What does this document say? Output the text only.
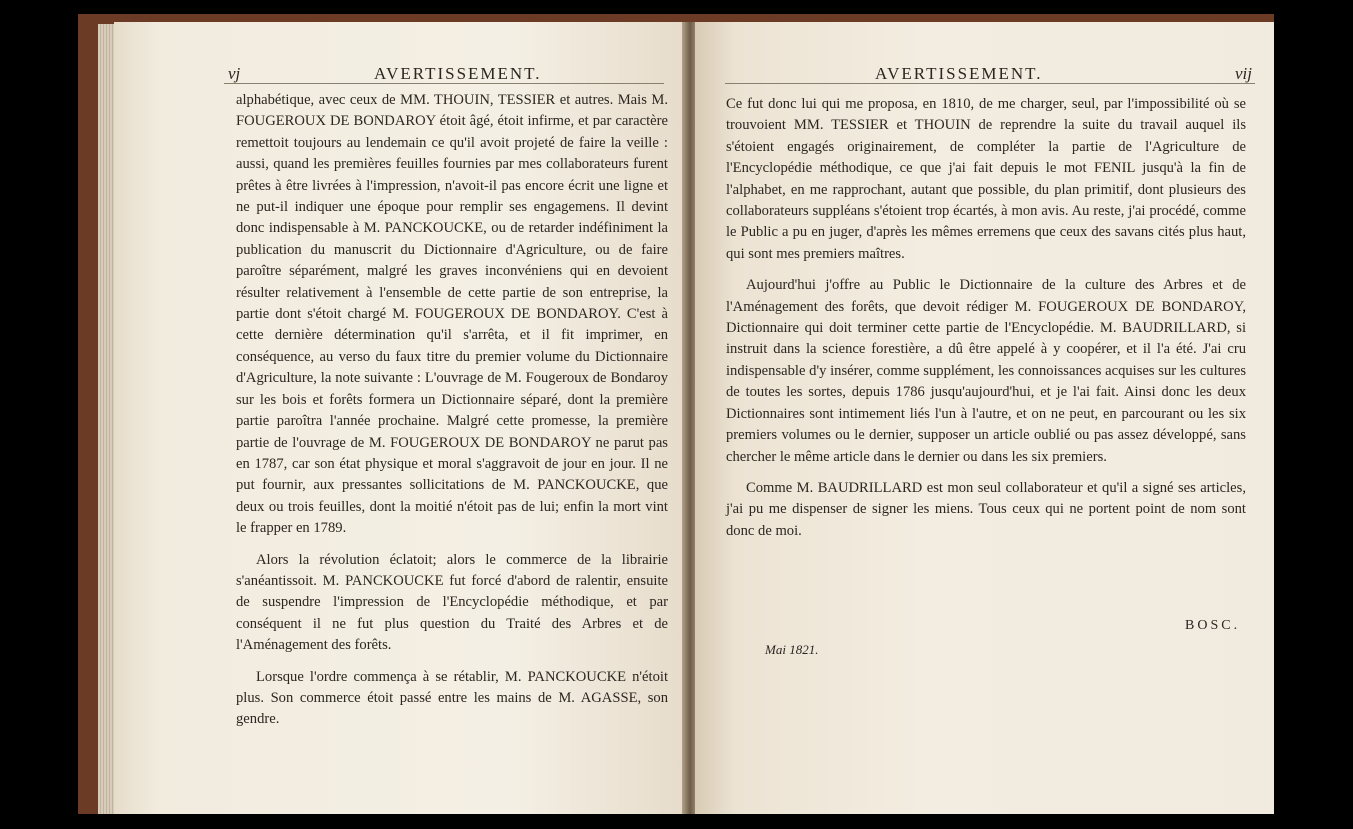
vj	AVERTISSEMENT.

alphabétique, avec ceux de MM. THOUIN, TESSIER et autres. Mais M. FOUGEROUX DE BONDAROY étoit âgé, étoit infirme, et par caractère remettoit toujours au lendemain ce qu'il avoit projeté de faire la veille : aussi, quand les premières feuilles fournies par mes collaborateurs furent prêtes à être livrées à l'impression, n'avoit-il pas encore écrit une ligne et ne put-il indiquer une époque pour remplir ses engagemens. Il devint donc indispensable à M. PANCKOUCKE, ou de retarder indéfiniment la publication du manuscrit du Dictionnaire d'Agriculture, ou de faire paroître séparément, malgré les graves inconvéniens qui en devoient résulter relativement à l'ensemble de cette partie de son entreprise, la partie dont s'étoit chargé M. FOUGEROUX DE BONDAROY. C'est à cette dernière détermination qu'il s'arrêta, et il fit imprimer, en conséquence, au verso du faux titre du premier volume du Dictionnaire d'Agriculture, la note suivante : L'ouvrage de M. Fougeroux de Bondaroy sur les bois et forêts formera un Dictionnaire séparé, dont la première partie paroîtra l'année prochaine. Malgré cette promesse, la première partie de l'ouvrage de M. FOUGEROUX DE BONDAROY ne parut pas en 1787, car son état physique et moral s'aggravoit de jour en jour. Il ne put fournir, aux pressantes sollicitations de M. PANCKOUCKE, que deux ou trois feuilles, dont la moitié n'étoit pas de lui; enfin la mort vint le frapper en 1789.

Alors la révolution éclatoit; alors le commerce de la librairie s'anéantissoit. M. PANCKOUCKE fut forcé d'abord de ralentir, ensuite de suspendre l'impression de l'Encyclopédie méthodique, et par conséquent il ne fut plus question du Traité des Arbres et de l'Aménagement des forêts.

Lorsque l'ordre commença à se rétablir, M. PANCKOUCKE n'étoit plus. Son commerce étoit passé entre les mains de M. AGASSE, son gendre.

AVERTISSEMENT.	vij

Ce fut donc lui qui me proposa, en 1810, de me charger, seul, par l'impossibilité où se trouvoient MM. TESSIER et THOUIN de reprendre la suite du travail auquel ils s'étoient engagés originairement, de compléter la partie de l'Agriculture de l'Encyclopédie méthodique, ce que j'ai fait depuis le mot FENIL jusqu'à la fin de l'alphabet, en me rapprochant, autant que possible, du plan primitif, dont plusieurs des collaborateurs suppléans s'étoient trop écartés, à mon avis. Au reste, j'ai procédé, comme le Public a pu en juger, d'après les mêmes erremens que ceux des savans cités plus haut, qui sont mes premiers maîtres.

Aujourd'hui j'offre au Public le Dictionnaire de la culture des Arbres et de l'Aménagement des forêts, que devoit rédiger M. FOUGEROUX DE BONDAROY, Dictionnaire qui doit terminer cette partie de l'Encyclopédie. M. BAUDRILLARD, si instruit dans la science forestière, a dû être appelé à y coopérer, et il l'a été. J'ai cru indispensable d'y insérer, comme supplément, les connoissances acquises sur les cultures de toutes les sortes, depuis 1786 jusqu'aujourd'hui, et je l'ai fait. Ainsi donc les deux Dictionnaires sont intimement liés l'un à l'autre, et on ne peut, en parcourant ou les six premiers volumes ou le dernier, supposer un article oublié ou pas assez développé, sans chercher le même article dans le dernier ou dans les six premiers.

Comme M. BAUDRILLARD est mon seul collaborateur et qu'il a signé ses articles, j'ai pu me dispenser de signer les miens. Tous ceux qui ne portent point de nom sont donc de moi.

BOSC.
Mai 1821.
